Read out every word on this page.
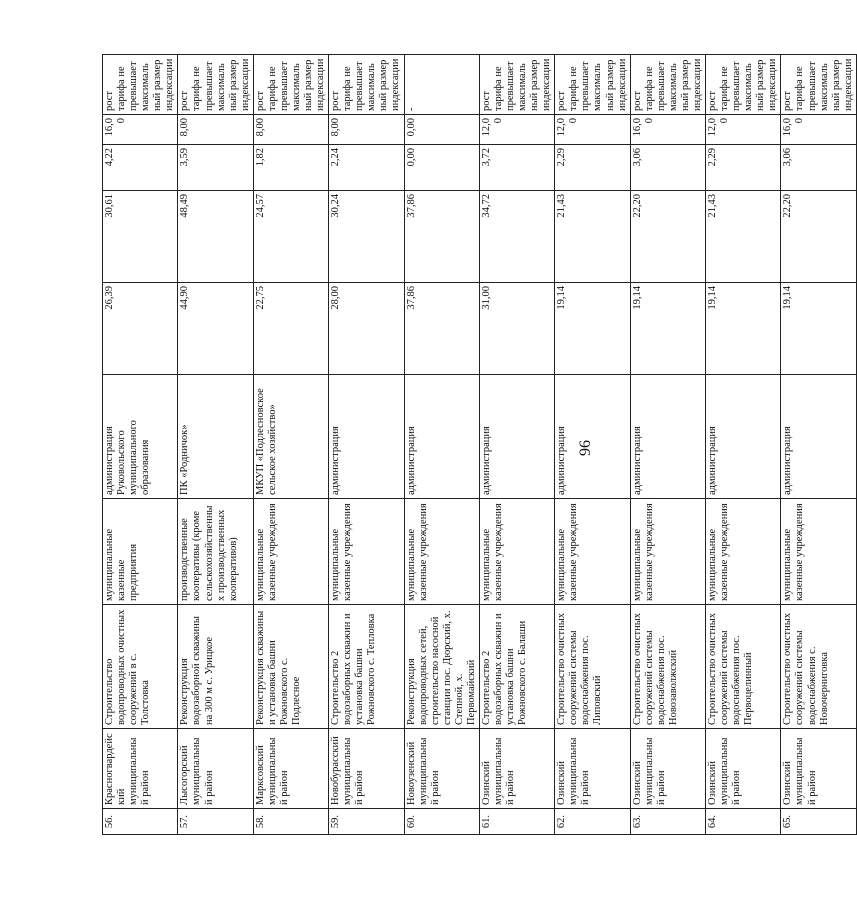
96
56.	Красногвардейский муниципальный район	Строительство водопроводных очистных сооружений в с. Толстовка	муниципальные казенные предприятия	администрация Руковольского муниципального образования	26,39	30,61	4,22	16,00	рост тарифа не превышает максимальный размер индексации
57.	Лысогорский муниципальный район	Реконструкция водозаборной скважины на 300 м с. Урицкое	производственные кооперативы (кроме сельскохозяйственных производственных кооперативов)	ПК «Родничок»	44,90	48,49	3,59	8,00	рост тарифа не превышает максимальный размер индексации
58.	Марксовский муниципальный район	Реконструкция скважины и установка башни Рожновского с. Подлесное	муниципальные казенные учреждения	МКУП «Подлесновское сельское хозяйство»	22,75	24,57	1,82	8,00	рост тарифа не превышает максимальный размер индексации
59.	Новобурасский муниципальный район	Строительство 2 водозаборных скважин и установка башни Рожновского с. Тепловка	муниципальные казенные учреждения	администрация	28,00	30,24	2,24	8,00	рост тарифа не превышает максимальный размер индексации
60.	Новоузенский муниципальный район	Реконструкция водопроводных сетей, строительство насосной станции пос. Дюрский, х. Степной, х. Первомайский	муниципальные казенные учреждения	администрация	37,86	37,86	0,00	0,00	-
61.	Озинский муниципальный район	Строительство 2 водозаборных скважин и установка башни Рожновского с. Балаши	муниципальные казенные учреждения	администрация	31,00	34,72	3,72	12,00	рост тарифа не превышает максимальный размер индексации
62.	Озинский муниципальный район	Строительство очистных сооружений системы водоснабжения пос. Липовский	муниципальные казенные учреждения	администрация	19,14	21,43	2,29	12,00	рост тарифа не превышает максимальный размер индексации
63.	Озинский муниципальный район	Строительство очистных сооружений системы водоснабжения пос. Новозаволжский	муниципальные казенные учреждения	администрация	19,14	22,20	3,06	16,00	рост тарифа не превышает максимальный размер индексации
64.	Озинский муниципальный район	Строительство очистных сооружений системы водоснабжения пос. Первоцелинный	муниципальные казенные учреждения	администрация	19,14	21,43	2,29	12,00	рост тарифа не превышает максимальный размер индексации
65.	Озинский муниципальный район	Строительство очистных сооружений системы водоснабжения с. Новочерниговка	муниципальные казенные учреждения	администрация	19,14	22,20	3,06	16,00	рост тарифа не превышает максимальный размер индексации
